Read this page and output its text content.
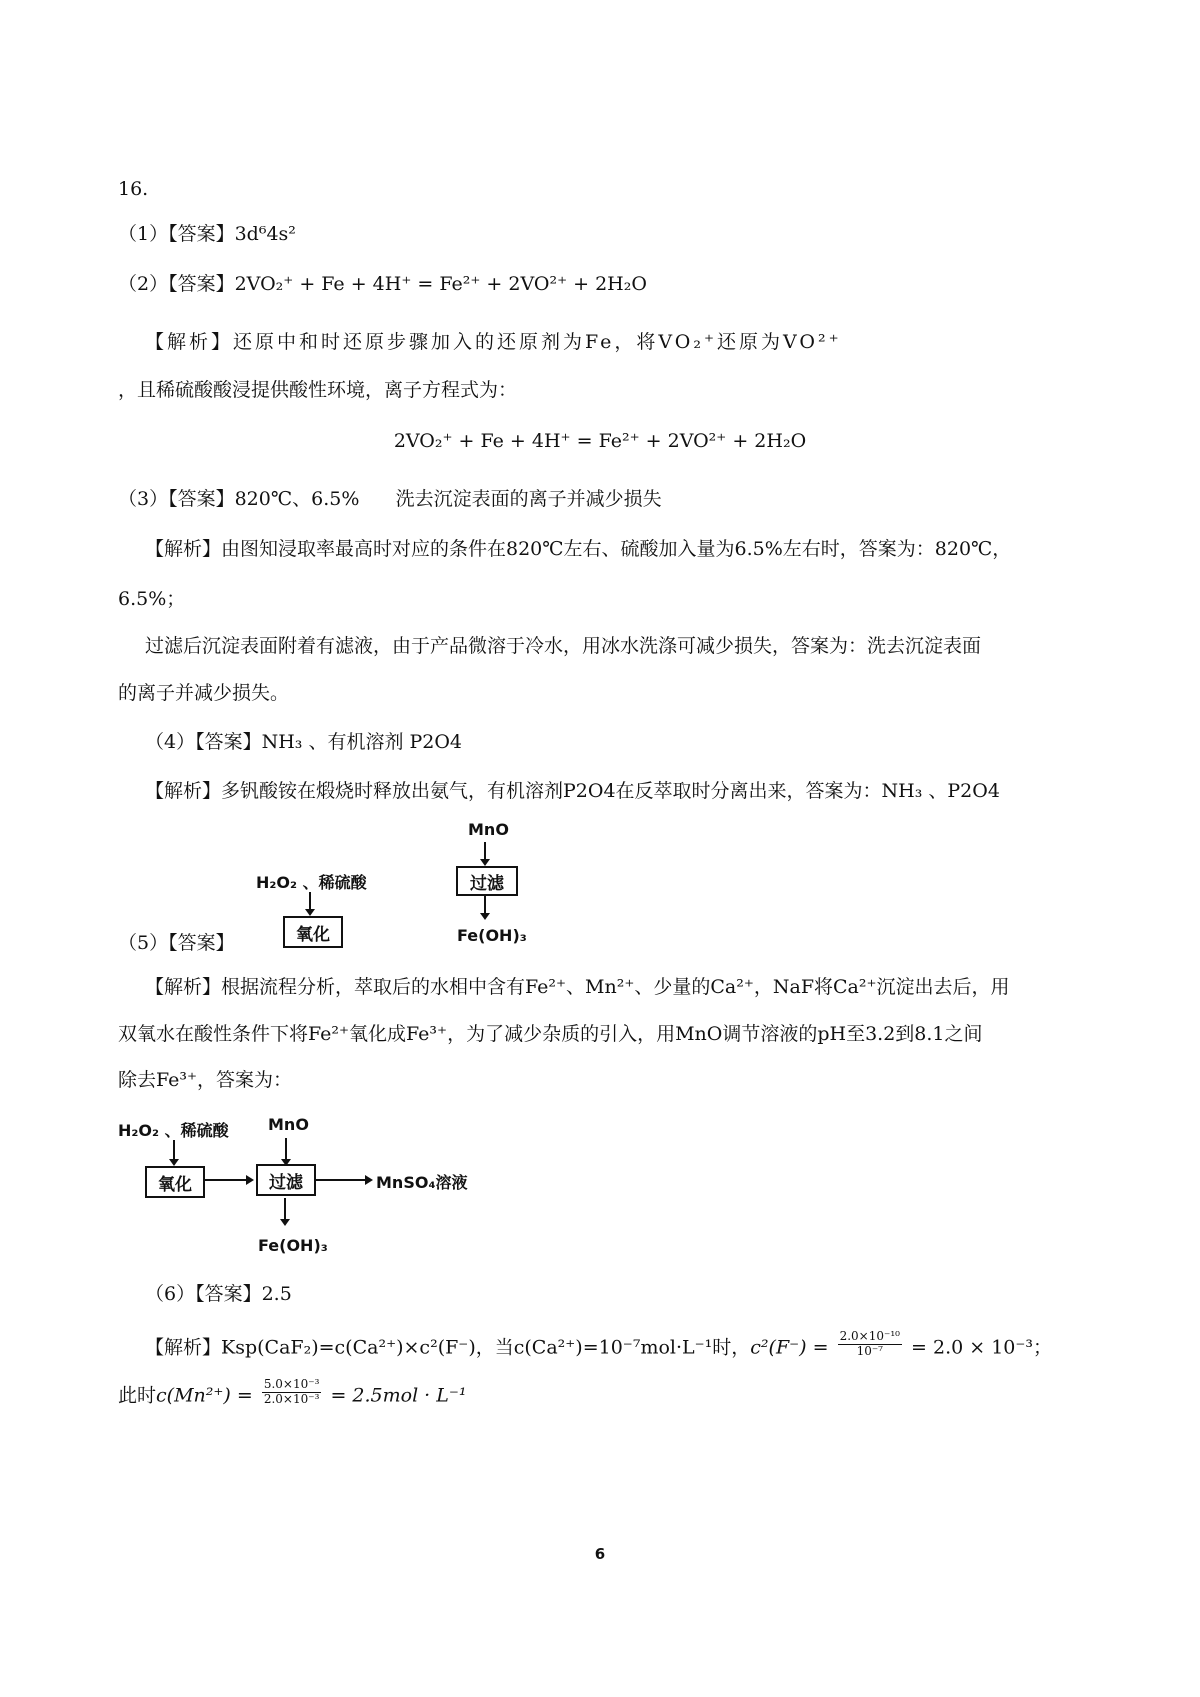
16.
（1）【答案】3d⁶4s²
（2）【答案】2VO₂⁺ + Fe + 4H⁺ = Fe²⁺ + 2VO²⁺ + 2H₂O
【解析】还原中和时还原步骤加入的还原剂为Fe，将VO₂⁺还原为VO²⁺
，且稀硫酸酸浸提供酸性环境，离子方程式为：
2VO₂⁺ + Fe + 4H⁺ = Fe²⁺ + 2VO²⁺ + 2H₂O
（3）【答案】820℃、6.5%      洗去沉淀表面的离子并减少损失
【解析】由图知浸取率最高时对应的条件在820℃左右、硫酸加入量为6.5%左右时，答案为：820℃，
6.5%；
过滤后沉淀表面附着有滤液，由于产品微溶于冷水，用冰水洗涤可减少损失，答案为：洗去沉淀表面
的离子并减少损失。
（4）【答案】NH₃ 、有机溶剂 P2O4
【解析】多钒酸铵在煅烧时释放出氨气，有机溶剂P2O4在反萃取时分离出来，答案为：NH₃ 、P2O4
MnO
过滤
H₂O₂ 、稀硫酸
氧化	Fe(OH)₃
（5）【答案】
【解析】根据流程分析，萃取后的水相中含有Fe²⁺、Mn²⁺、少量的Ca²⁺，NaF将Ca²⁺沉淀出去后，用
双氧水在酸性条件下将Fe²⁺氧化成Fe³⁺，为了减少杂质的引入，用MnO调节溶液的pH至3.2到8.1之间
除去Fe³⁺，答案为：
H₂O₂ 、稀硫酸 MnO
氧化	过滤	MnSO₄溶液
Fe(OH)₃
（6）【答案】2.5
【解析】Ksp(CaF₂)=c(Ca²⁺)×c²(F⁻)，当c(Ca²⁺)=10⁻⁷mol·L⁻¹时，$c^2(F^-) = \frac{\text{2.0×10⁻¹⁰}}{\text{10⁻⁷}} = 2.0 \times 10^{-3}$；
此时$c(Mn^{2+}) = \frac{\text{5.0×10⁻³}}{\text{2.0×10⁻³}} = 2.5mol \cdot L^{-1}$
6
